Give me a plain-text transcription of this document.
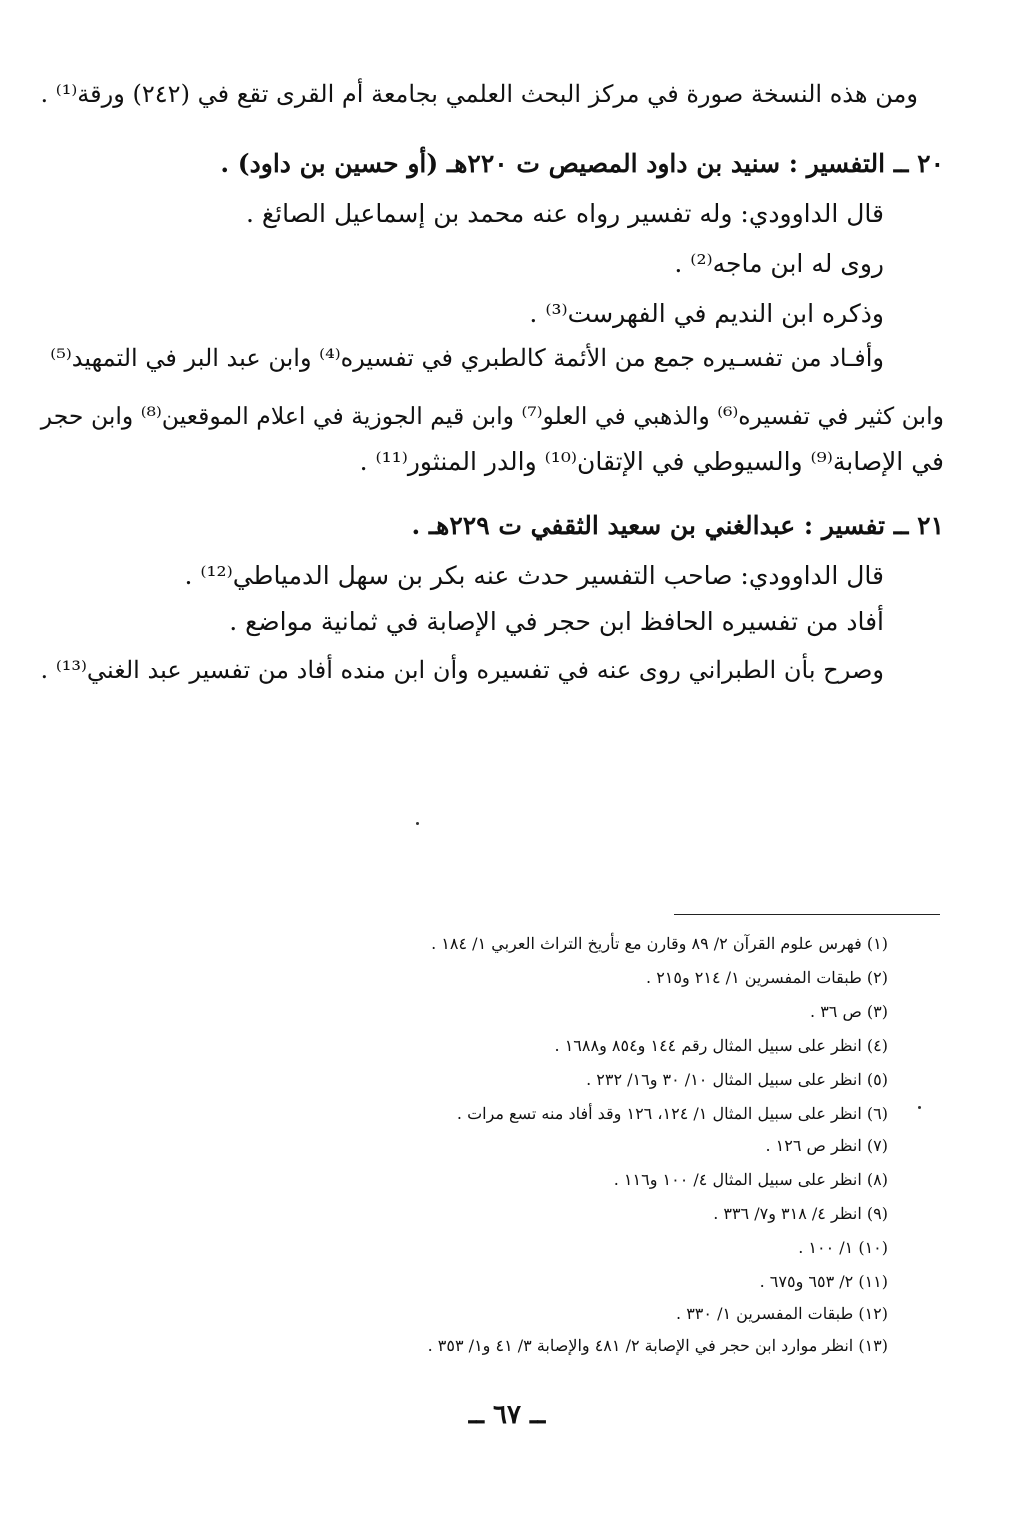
ومن هذه النسخة صورة في مركز البحث العلمي بجامعة أم القرى تقع في (٢٤٢) ورقة⁽¹⁾ .
٢٠ ــ التفسير : سنيد بن داود المصيص ت ٢٢٠هـ (أو حسين بن داود) .
قال الداوودي: وله تفسير رواه عنه محمد بن إسماعيل الصائغ .
روى له ابن ماجه⁽²⁾ .
وذكره ابن النديم في الفهرست⁽³⁾ .
وأفـاد من تفسـيره جمع من الأئمة كالطبري في تفسيره⁽⁴⁾ وابن عبد البر في التمهيد⁽⁵⁾
وابن كثير في تفسيره⁽⁶⁾ والذهبي في العلو⁽⁷⁾ وابن قيم الجوزية في اعلام الموقعين⁽⁸⁾ وابن حجر
في الإصابة⁽⁹⁾ والسيوطي في الإتقان⁽¹⁰⁾ والدر المنثور⁽¹¹⁾ .
٢١ ــ تفسير : عبدالغني بن سعيد الثقفي ت ٢٢٩هـ .
قال الداوودي: صاحب التفسير حدث عنه بكر بن سهل الدمياطي⁽¹²⁾ .
أفاد من تفسيره الحافظ ابن حجر في الإصابة في ثمانية مواضع .
وصرح بأن الطبراني روى عنه في تفسيره وأن ابن منده أفاد من تفسير عبد الغني⁽¹³⁾ .
(١) فهرس علوم القرآن ٢/ ٨٩ وقارن مع تأريخ التراث العربي ١/ ١٨٤ .
(٢) طبقات المفسرين ١/ ٢١٤ و٢١٥ .
(٣) ص ٣٦ .
(٤) انظر على سبيل المثال رقم ١٤٤ و٨٥٤ و١٦٨٨ .
(٥) انظر على سبيل المثال ١٠/ ٣٠ و١٦/ ٢٣٢ .
(٦) انظر على سبيل المثال ١/ ١٢٤، ١٢٦ وقد أفاد منه تسع مرات .
(٧) انظر ص ١٢٦ .
(٨) انظر على سبيل المثال ٤/ ١٠٠ و١١٦ .
(٩) انظر ٤/ ٣١٨ و٧/ ٣٣٦ .
(١٠) ١/ ١٠٠ .
(١١) ٢/ ٦٥٣ و٦٧٥ .
(١٢) طبقات المفسرين ١/ ٣٣٠ .
(١٣) انظر موارد ابن حجر في الإصابة ٢/ ٤٨١ والإصابة ٣/ ٤١ و١/ ٣٥٣ .
ــ ٦٧ ــ
